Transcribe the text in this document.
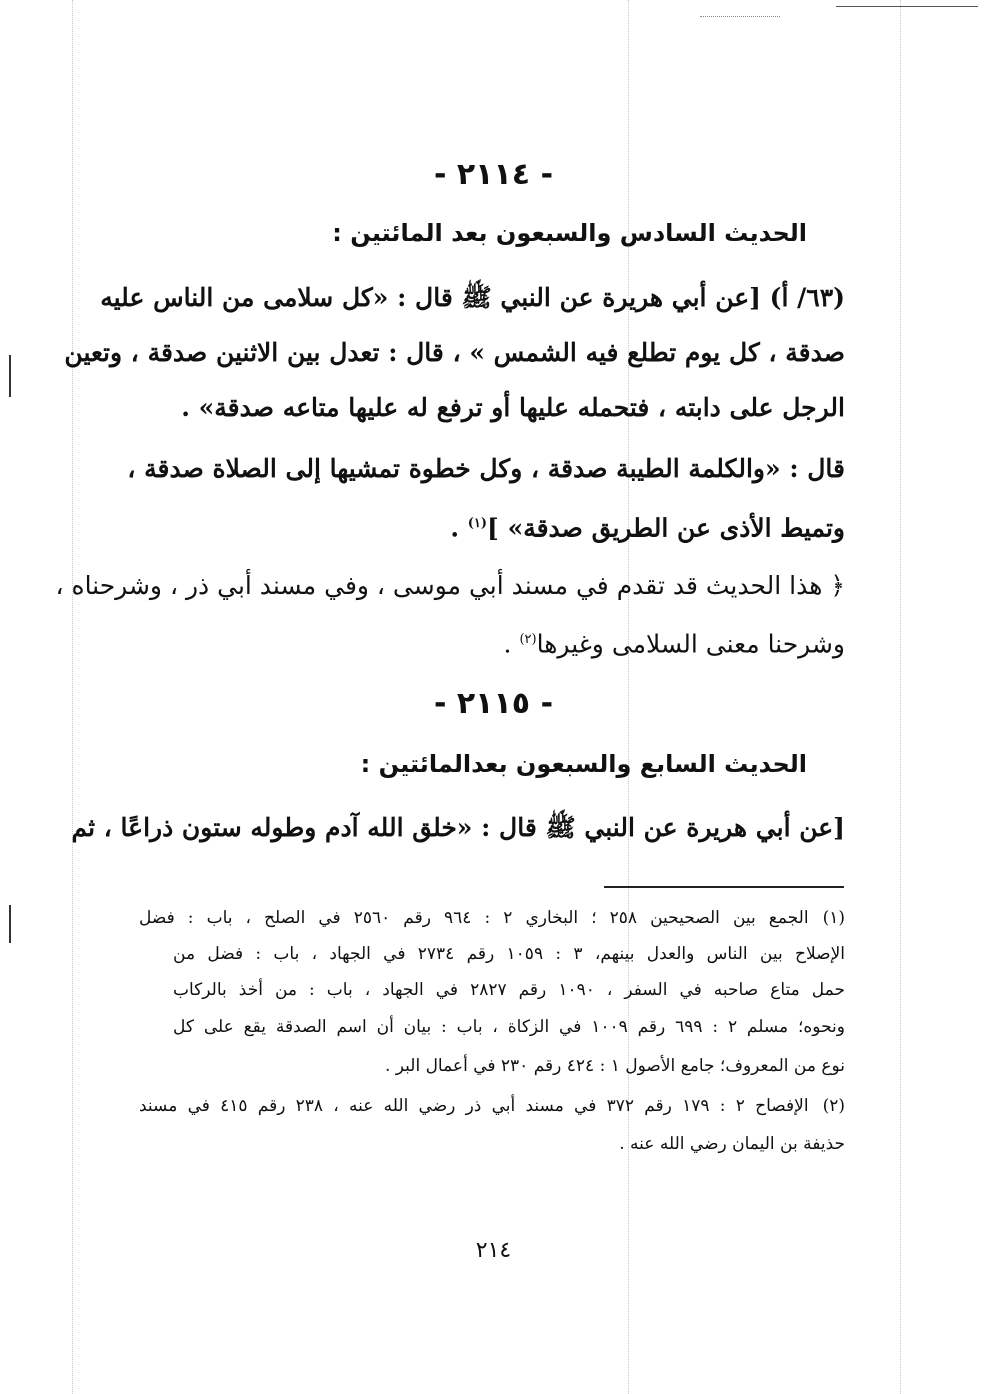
- ٢١١٤ -
الحديث السادس والسبعون بعد المائتين :
(٦٣/ أ) [عن أبي هريرة عن النبي ﷺ قال : «كل سلامى من الناس عليه
صدقة ، كل يوم تطلع فيه الشمس » ، قال : تعدل بين الاثنين صدقة ، وتعين
الرجل على دابته ، فتحمله عليها أو ترفع له عليها متاعه صدقة» .
قال : «والكلمة الطيبة صدقة ، وكل خطوة تمشيها إلى الصلاة صدقة ،
وتميط الأذى عن الطريق صدقة» ]$^{(١)}$ .
﴿ هذا الحديث قد تقدم في مسند أبي موسى ، وفي مسند أبي ذر ، وشرحناه ،
وشرحنا معنى السلامى وغيرها$^{(٢)}$ .
- ٢١١٥ -
الحديث السابع والسبعون بعدالمائتين :
[عن أبي هريرة عن النبي ﷺ قال : «خلق الله آدم وطوله ستون ذراعًا ، ثم
(١)الجمع بين الصحيحين ٢٥٨ ؛ البخاري ٢ : ٩٦٤ رقم ٢٥٦٠ في الصلح ، باب : فضل
الإصلاح بين الناس والعدل بينهم، ٣ : ١٠٥٩ رقم ٢٧٣٤ في الجهاد ، باب : فضل من
حمل متاع صاحبه في السفر ، ١٠٩٠ رقم ٢٨٢٧ في الجهاد ، باب : من أخذ بالركاب
ونحوه؛ مسلم ٢ : ٦٩٩ رقم ١٠٠٩ في الزكاة ، باب : بيان أن اسم الصدقة يقع على كل
نوع من المعروف؛ جامع الأصول ١ : ٤٢٤ رقم ٢٣٠ في أعمال البر .
(٢)الإفصاح ٢ : ١٧٩ رقم ٣٧٢ في مسند أبي ذر رضي الله عنه ، ٢٣٨ رقم ٤١٥ في مسند
حذيفة بن اليمان رضي الله عنه .
٢١٤
